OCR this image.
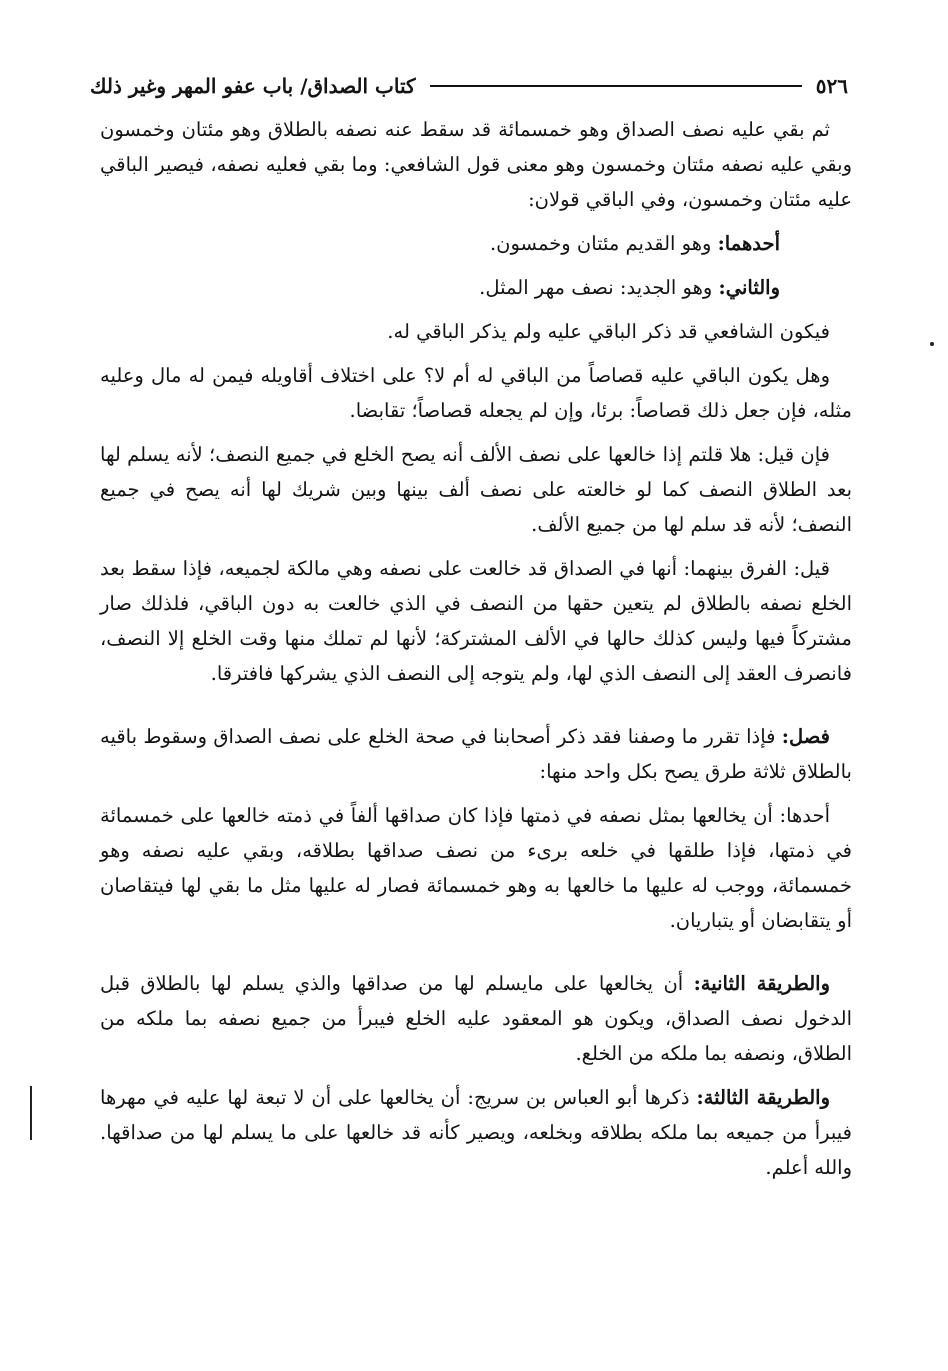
٥٢٦
كتاب الصداق/ باب عفو المهر وغير ذلك

ثم بقي عليه نصف الصداق وهو خمسمائة قد سقط عنه نصفه بالطلاق وهو مئتان وخمسون وبقي عليه نصفه مئتان وخمسون وهو معنى قول الشافعي: وما بقي فعليه نصفه، فيصير الباقي عليه مئتان وخمسون، وفي الباقي قولان:

أحدهما: وهو القديم مئتان وخمسون.

والثاني: وهو الجديد: نصف مهر المثل.

فيكون الشافعي قد ذكر الباقي عليه ولم يذكر الباقي له.

وهل يكون الباقي عليه قصاصاً من الباقي له أم لا؟ على اختلاف أقاويله فيمن له مال وعليه مثله، فإن جعل ذلك قصاصاً: برئا، وإن لم يجعله قصاصاً؛ تقابضا.

فإن قيل: هلا قلتم إذا خالعها على نصف الألف أنه يصح الخلع في جميع النصف؛ لأنه يسلم لها بعد الطلاق النصف كما لو خالعته على نصف ألف بينها وبين شريك لها أنه يصح في جميع النصف؛ لأنه قد سلم لها من جميع الألف.

قيل: الفرق بينهما: أنها في الصداق قد خالعت على نصفه وهي مالكة لجميعه، فإذا سقط بعد الخلع نصفه بالطلاق لم يتعين حقها من النصف في الذي خالعت به دون الباقي، فلذلك صار مشتركاً فيها وليس كذلك حالها في الألف المشتركة؛ لأنها لم تملك منها وقت الخلع إلا النصف، فانصرف العقد إلى النصف الذي لها، ولم يتوجه إلى النصف الذي يشركها فافترقا.

فصل: فإذا تقرر ما وصفنا فقد ذكر أصحابنا في صحة الخلع على نصف الصداق وسقوط باقيه بالطلاق ثلاثة طرق يصح بكل واحد منها:

أحدها: أن يخالعها بمثل نصفه في ذمتها فإذا كان صداقها ألفاً في ذمته خالعها على خمسمائة في ذمتها، فإذا طلقها في خلعه برىء من نصف صداقها بطلاقه، وبقي عليه نصفه وهو خمسمائة، ووجب له عليها ما خالعها به وهو خمسمائة فصار له عليها مثل ما بقي لها فيتقاصان أو يتقابضان أو يتباريان.

والطريقة الثانية: أن يخالعها على مايسلم لها من صداقها والذي يسلم لها بالطلاق قبل الدخول نصف الصداق، ويكون هو المعقود عليه الخلع فيبرأ من جميع نصفه بما ملكه من الطلاق، ونصفه بما ملكه من الخلع.

والطريقة الثالثة: ذكرها أبو العباس بن سريج: أن يخالعها على أن لا تبعة لها عليه في مهرها فيبرأ من جميعه بما ملكه بطلاقه وبخلعه، ويصير كأنه قد خالعها على ما يسلم لها من صداقها. والله أعلم.
